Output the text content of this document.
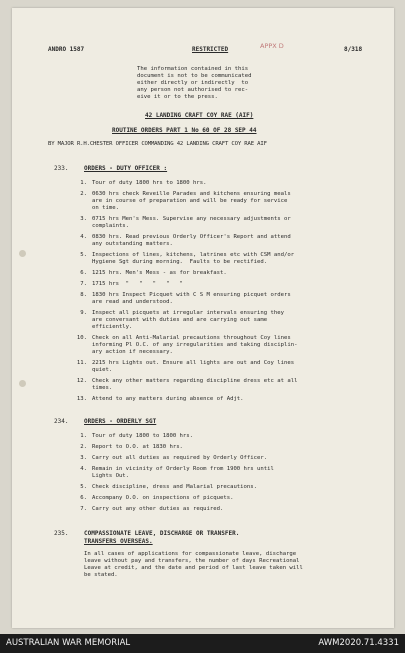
ANDRO 1587	RESTRICTED	APPX D	8/318
The information contained in this
document is not to be communicated
either directly or indirectly  to
any person not authorised to rec-
eive it or to the press.
42 LANDING CRAFT COY RAE (AIF)
ROUTINE ORDERS PART 1 No 60 OF 28 SEP 44
BY MAJOR R.H.CHESTER OFFICER COMMANDING 42 LANDING CRAFT COY RAE AIF
233.	ORDERS - DUTY OFFICER :
1. Tour of duty 1800 hrs to 1800 hrs.
2. 0630 hrs check Reveille Parades and kitchens ensuring meals
are in course of preparation and will be ready for service
on time.
3. 0715 hrs Men's Mess. Supervise any necessary adjustments or
complaints.
4. 0830 hrs. Read previous Orderly Officer's Report and attend
any outstanding matters.
5. Inspections of lines, kitchens, latrines etc with CSM and/or
Hygiene Sgt during morning.  Faults to be rectified.
6. 1215 hrs. Men's Mess - as for breakfast.
7. 1715 hrs  "   "   "   "   "
8. 1830 hrs Inspect Picquet with C S M ensuring picquet orders
are read and understood.
9. Inspect all picquets at irregular intervals ensuring they
are conversant with duties and are carrying out same
efficiently.
10. Check on all Anti-Malarial precautions throughout Coy lines
informing Pl O.C. of any irregularities and taking disciplin-
ary action if necessary.
11. 2215 hrs Lights out. Ensure all lights are out and Coy lines
quiet.
12. Check any other matters regarding discipline dress etc at all
times.
13. Attend to any matters during absence of Adjt.
234.	ORDERS - ORDERLY SGT
1. Tour of duty 1800 to 1800 hrs.
2. Report to O.O. at 1830 hrs.
3. Carry out all duties as required by Orderly Officer.
4. Remain in vicinity of Orderly Room from 1900 hrs until
Lights Out.
5. Check discipline, dress and Malarial precautions.
6. Accompany O.O. on inspections of picquets.
7. Carry out any other duties as required.
235.	COMPASSIONATE LEAVE, DISCHARGE OR TRANSFER.
TRANSFERS OVERSEAS.
In all cases of applications for compassionate leave, discharge
leave without pay and transfers, the number of days Recreational
Leave at credit, and the date and period of last leave taken will
be stated.
AUSTRALIAN WAR MEMORIAL	AWM2020.71.4331
